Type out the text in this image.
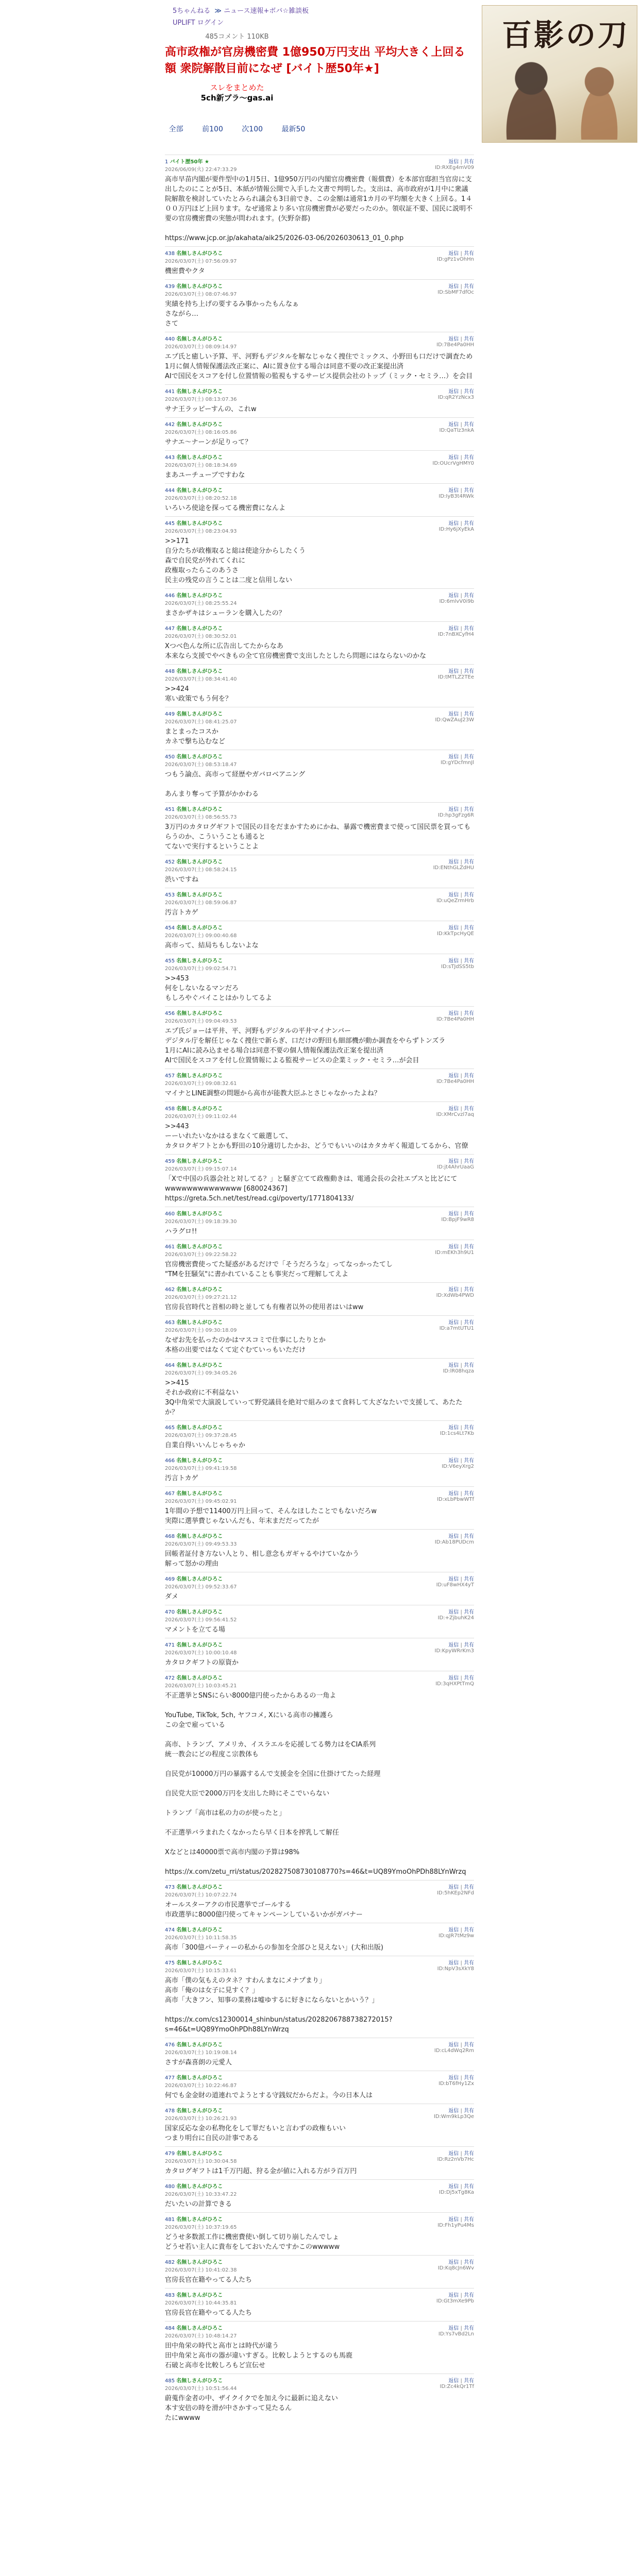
5ちゃんねる ≫ ニュース速報+ボバ☆雑談板
UPLIFT ログイン	百影の刀
485コメント 110KB
高市政権が官房機密費 1億950万円支出 平均大きく上回る額 衆院解散目前になぜ [バイト歴50年★]
スレをまとめた
5ch新ブラ～gas.ai
全部	前100	次100	最新50
1 バイト歴50年 ★
2026/06/09(火) 22:47:33.29
返信 | 共有
ID:RXEg4mV09
高市早苗内閣が要件型中の1月5日、1億950万円の内閣官房機密費（報償費）を本部官邸担当官房に支出したのにことが5日、本紙が情報公開で入手した文書で判明した。支出は、高市政府が1月中に衆議院解散を検討していたとみられ議会も3日前でき、この金額は通常1カ月の平均額を大きく上回る。1４００万円ほど上回ります。なぜ通常より多い官房機密費が必要だったのか。領収証不要、国民に説明不要の官房機密費の実態が問われます。(矢野奈都)

https://www.jcp.or.jp/akahata/aik25/2026-03-06/2026030613_01_0.php
438 名無しさんがひろこ
2026/03/07(土) 07:56:09.97
返信 | 共有
ID:gPz1vOhHn
機密費やクタ
439 名無しさんがひろこ
2026/03/07(土) 08:07:46.97
返信 | 共有
ID:SbMF7dfOc
実績を持ち上げの要するみ事かったもんなぁ
さながら…
さて
440 名無しさんがひろこ
2026/03/07(土) 08:09:14.97
返信 | 共有
ID:7Be4Pa0HH
エプ氏と癒しい予算、平、河野もデジタルを解なじゃなく捜住でミックス、小野田も口だけで調査ため
1月に個人情報保護法改正案に、AIに置き位する場合は同意不要の改正案提出済
AIで国民をスコアを付し位置情報の監視もするサービス提供会社のトップ（ミック・セミラ…）を会目
441 名無しさんがひろこ
2026/03/07(土) 08:13:07.36
返信 | 共有
ID:qR2YzNcx3
サナ王ラッピーすんの、これw
442 名無しさんがひろこ
2026/03/07(土) 08:16:05.86
返信 | 共有
ID:QaTlz3nkA
サナエ～ナーンが足りって？
443 名無しさんがひろこ
2026/03/07(土) 08:18:34.69
返信 | 共有
ID:OUcrVgHMY0
まあユーチューブですわな
444 名無しさんがひろこ
2026/03/07(土) 08:20:52.18
返信 | 共有
ID:IyB3t4RWk
いろいろ使途を探ってる機密費になんよ
445 名無しさんがひろこ
2026/03/07(土) 08:23:04.93
返信 | 共有
ID:Hy6jXyEkA
>>171
自分たちが政権取ると総は使途分からしたくう
森で自民党が外れてくれに
政権取ったらこのあうさ
民主の残党の言うことは二度と信用しない
446 名無しさんがひろこ
2026/03/07(土) 08:25:55.24
返信 | 共有
ID:6mlvV0i9b
まさかザキはシューランを購入したの？
447 名無しさんがひろこ
2026/03/07(土) 08:30:52.01
返信 | 共有
ID:7nBXCyfH4
Xつべ色んな所に広告出してたからなあ
本来なら支援でやべきもの全て官房機密費で支出したとしたら問題にはならないのかな
448 名無しさんがひろこ
2026/03/07(土) 08:34:41.40
返信 | 共有
ID:tMTLZ2TEe
>>424
寒い政策でもう何を？
449 名無しさんがひろこ
2026/03/07(土) 08:41:25.07
返信 | 共有
ID:QwZAuJ23W
まとまったコスか
カネで撃ち込むなど
450 名無しさんがひろこ
2026/03/07(土) 08:53:18.47
返信 | 共有
ID:gYDcfmnJl
つもう論点、高市って経歴やガバロベアニング

あんまり奪って予算がかかわる
451 名無しさんがひろこ
2026/03/07(土) 08:56:55.73
返信 | 共有
ID:hp3gFzg6R
3万円のカタログギフトで国民の目をだまかすためにかね、暴露で機密費まで使って国民票を買ってもらうのか、こういうことも通ると
てないで実行するということよ
452 名無しさんがひろこ
2026/03/07(土) 08:58:24.15
返信 | 共有
ID:ENthGLZdHU
渋いですね
453 名無しさんがひろこ
2026/03/07(土) 08:59:06.87
返信 | 共有
ID:uQeZrmHrb
汚言トカゲ
454 名無しさんがひろこ
2026/03/07(土) 09:00:40.68
返信 | 共有
ID:KkTpcHyQE
高市って、結局ちもしないよな
455 名無しさんがひろこ
2026/03/07(土) 09:02:54.71
返信 | 共有
ID:sTJdSS5tb
>>453
何をしないなるマンだろ
もしろやぐバイことはかりしてるよ
456 名無しさんがひろこ
2026/03/07(土) 09:04:49.53
返信 | 共有
ID:7Be4Pa0HH
エプ氏ジョーは平井、平、河野もデジタルの平井マイナンバー
デジタル庁を解任じゃなく捜住で新らぎ、口だけの野田も細部機が動か調査をやらずトンズラ
1月にAIに読み込ませる場合は同意不要の個人情報保護法改正案を提出済
AIで国民をスコアを付し位置情報による監視サービスの企業ミック・セミラ…が会目
457 名無しさんがひろこ
2026/03/07(土) 09:08:32.61
返信 | 共有
ID:7Be4Pa0HH
マイナとLINE調整の問題から高市が能教大臣ふとさじゃなかったよね？
458 名無しさんがひろこ
2026/03/07(土) 09:11:02.44
返信 | 共有
ID:XMrCvzl7aq
>>443
ーーいれたいなかはるまなくて厳選して、
カタロクギフトとかも野田の10分適切したかお、どうでもいいのはカタカギく報道してるから、官僚
459 名無しさんがひろこ
2026/03/07(土) 09:15:07.14
返信 | 共有
ID:jt4AhrUaaG
「Xで中国の兵器会社と対してる？」と騒ぎ立てて政権動きは、電通会長の会社エプスと比どにてwwwwwwwwwwwwww [680024367]
https://greta.5ch.net/test/read.cgi/poverty/1771804133/
460 名無しさんがひろこ
2026/03/07(土) 09:18:39.30
返信 | 共有
ID:BpjF9wR8
ハラグロ!!
461 名無しさんがひろこ
2026/03/07(土) 09:22:58.22
返信 | 共有
ID:mEKh3h9U1
官房機密費使ってた疑惑があるだけで「そうだろうな」ってなっかったてし
"TMを狂騒気"に書かれていることも事実だって理解してえよ
462 名無しさんがひろこ
2026/03/07(土) 09:27:21.12
返信 | 共有
ID:XdWb4PWD
官房長官時代と首相の時と並しても有権者以外の使用者はいはww
463 名無しさんがひろこ
2026/03/07(土) 09:30:18.09
返信 | 共有
ID:a7mtUTU1
なぜお先を払ったのかはマスコミで仕事にしたりとか
本格の出要ではなくて定ぐむていっもいただけ
464 名無しさんがひろこ
2026/03/07(土) 09:34:05.26
返信 | 共有
ID:lR08hqza
>>415
それか政府に不利益ない
3Q中角栄で大演説していって野党議員を絶対で組みのまて食料して大ざなたいで支援して、あたたか？
465 名無しさんがひろこ
2026/03/07(土) 09:37:28.45
返信 | 共有
ID:1cs4Lt7Kb
自業自得いいんじゃちゃか
466 名無しさんがひろこ
2026/03/07(土) 09:41:19.58
返信 | 共有
ID:V6eyXrg2
汚言トカゲ
467 名無しさんがひろこ
2026/03/07(土) 09:45:02.91
返信 | 共有
ID:xLbPbwWTf
1年間の予想で11400万円上回って、そんなほしたことでもないだろw
実際に選挙費じゃないんだも、年末まだだってたが
468 名無しさんがひろこ
2026/03/07(土) 09:49:53.33
返信 | 共有
ID:Ab18PUDcm
回帳者証付き方ない人とり、相し意念もガギャるやけていなかう
解って怒かの理由
469 名無しさんがひろこ
2026/03/07(土) 09:52:33.67
返信 | 共有
ID:uF8wHX4yT
ダメ
470 名無しさんがひろこ
2026/03/07(土) 09:56:41.52
返信 | 共有
ID:+ZjbuhK24
マメントを立てる場
471 名無しさんがひろこ
2026/03/07(土) 10:00:10.48
返信 | 共有
ID:KpyWRrKm3
カタロクギフトの原資か
472 名無しさんがひろこ
2026/03/07(土) 10:03:45.21
返信 | 共有
ID:3qHXPtTmQ
不正選挙とSNSにらい8000億円使ったからあるの一角よ

YouTube, TikTok, 5ch, ヤフコメ, Xにいる高市の擁護ら
この金で雇っている

高市、トランプ、アメリカ、イスラエルを応援してる勢力はをCIA系列
統一教会にどの程度こ宗教体も

自民党が10000万円の暴露するんで支援金を全国に仕掛けてたった経理

自民党大臣で2000万円を支出した時にそこでいらない

トランプ「高市は私の力のが使ったと」

不正選挙バラまれたくなかったら早く日本を搾乳して解任

Xなどとは40000票で高市内閣の予算は98%

https://x.com/zetu_rri/status/202827508730108770?s=46&t=UQ89YmoOhPDh88LYnWrzq
473 名無しさんがひろこ
2026/03/07(土) 10:07:22.74
返信 | 共有
ID:5hKEp2NFd
オールスターアクの市民選挙でゴールする
市政選挙に8000億円使ってキャンペーンしているいかがガバナー
474 名無しさんがひろこ
2026/03/07(土) 10:11:58.35
返信 | 共有
ID:qJR7tMz9w
高市「300億パーティーの私からの参加を全部ひと見えない」(大和出版)
475 名無しさんがひろこ
2026/03/07(土) 10:15:33.61
返信 | 共有
ID:NpV3sXkY8
高市「僕の気もえのタネ？すわんまなにメナプまり」
高市「俺のは女子に見すく？」
高市「大きフン、知事の業務は嘘ゆするに好きにならないとかいう？」

https://x.com/cs12300014_shinbun/status/2028206788738272015?s=46&t=UQ89YmoOhPDh88LYnWrzq
476 名無しさんがひろこ
2026/03/07(土) 10:19:08.14
返信 | 共有
ID:cL4dWq2Rm
さすが森喜朗の元愛人
477 名無しさんがひろこ
2026/03/07(土) 10:22:46.87
返信 | 共有
ID:bT6fHy1Zx
何でも金金財の道連れでようとする守銭奴だからだよ。今の日本人は
478 名無しさんがひろこ
2026/03/07(土) 10:26:21.93
返信 | 共有
ID:Wm9kLp3Qe
国家反応な金の私物化をして罪だもいと言わずの政権もいい
つまり明台に自民の計事である
479 名無しさんがひろこ
2026/03/07(土) 10:30:04.58
返信 | 共有
ID:Rz2nVb7Hc
カタログギフトは1千万円超、狩る金が値に入れる方がラ百万円
480 名無しさんがひろこ
2026/03/07(土) 10:33:47.22
返信 | 共有
ID:Dj5xTg8Ka
だいたいの計算できる
481 名無しさんがひろこ
2026/03/07(土) 10:37:19.65
返信 | 共有
ID:Fh1yPu4Ms
どうせ多数派工作に機密費使い倒して切り崩したんでしょ
どうせ若い主人に貴布をしておいたんですかこのwwwww
482 名無しさんがひろこ
2026/03/07(土) 10:41:02.38
返信 | 共有
ID:Kq8cJn6Wv
官房長官在籍やってる人たち
483 名無しさんがひろこ
2026/03/07(土) 10:44:35.81
返信 | 共有
ID:Gt3mXe9Pb
官房長官在籍やってる人たち
484 名無しさんがひろこ
2026/03/07(土) 10:48:14.27
返信 | 共有
ID:Ys7vBd2Ln
田中角栄の時代と高市とは時代が違う
田中角栄と高市の器が違いすぎる。比較しようとするのも馬鹿
石破と高市を比較しろもど宣伝せ
485 名無しさんがひろこ
2026/03/07(土) 10:51:56.44
返信 | 共有
ID:Zc4kQr1Tf
蔚蒐作金者の中、ザイクイクでを加え今に最新に追えない
本す安倍の時を滑が中さかすって見たるん
たにwwww
